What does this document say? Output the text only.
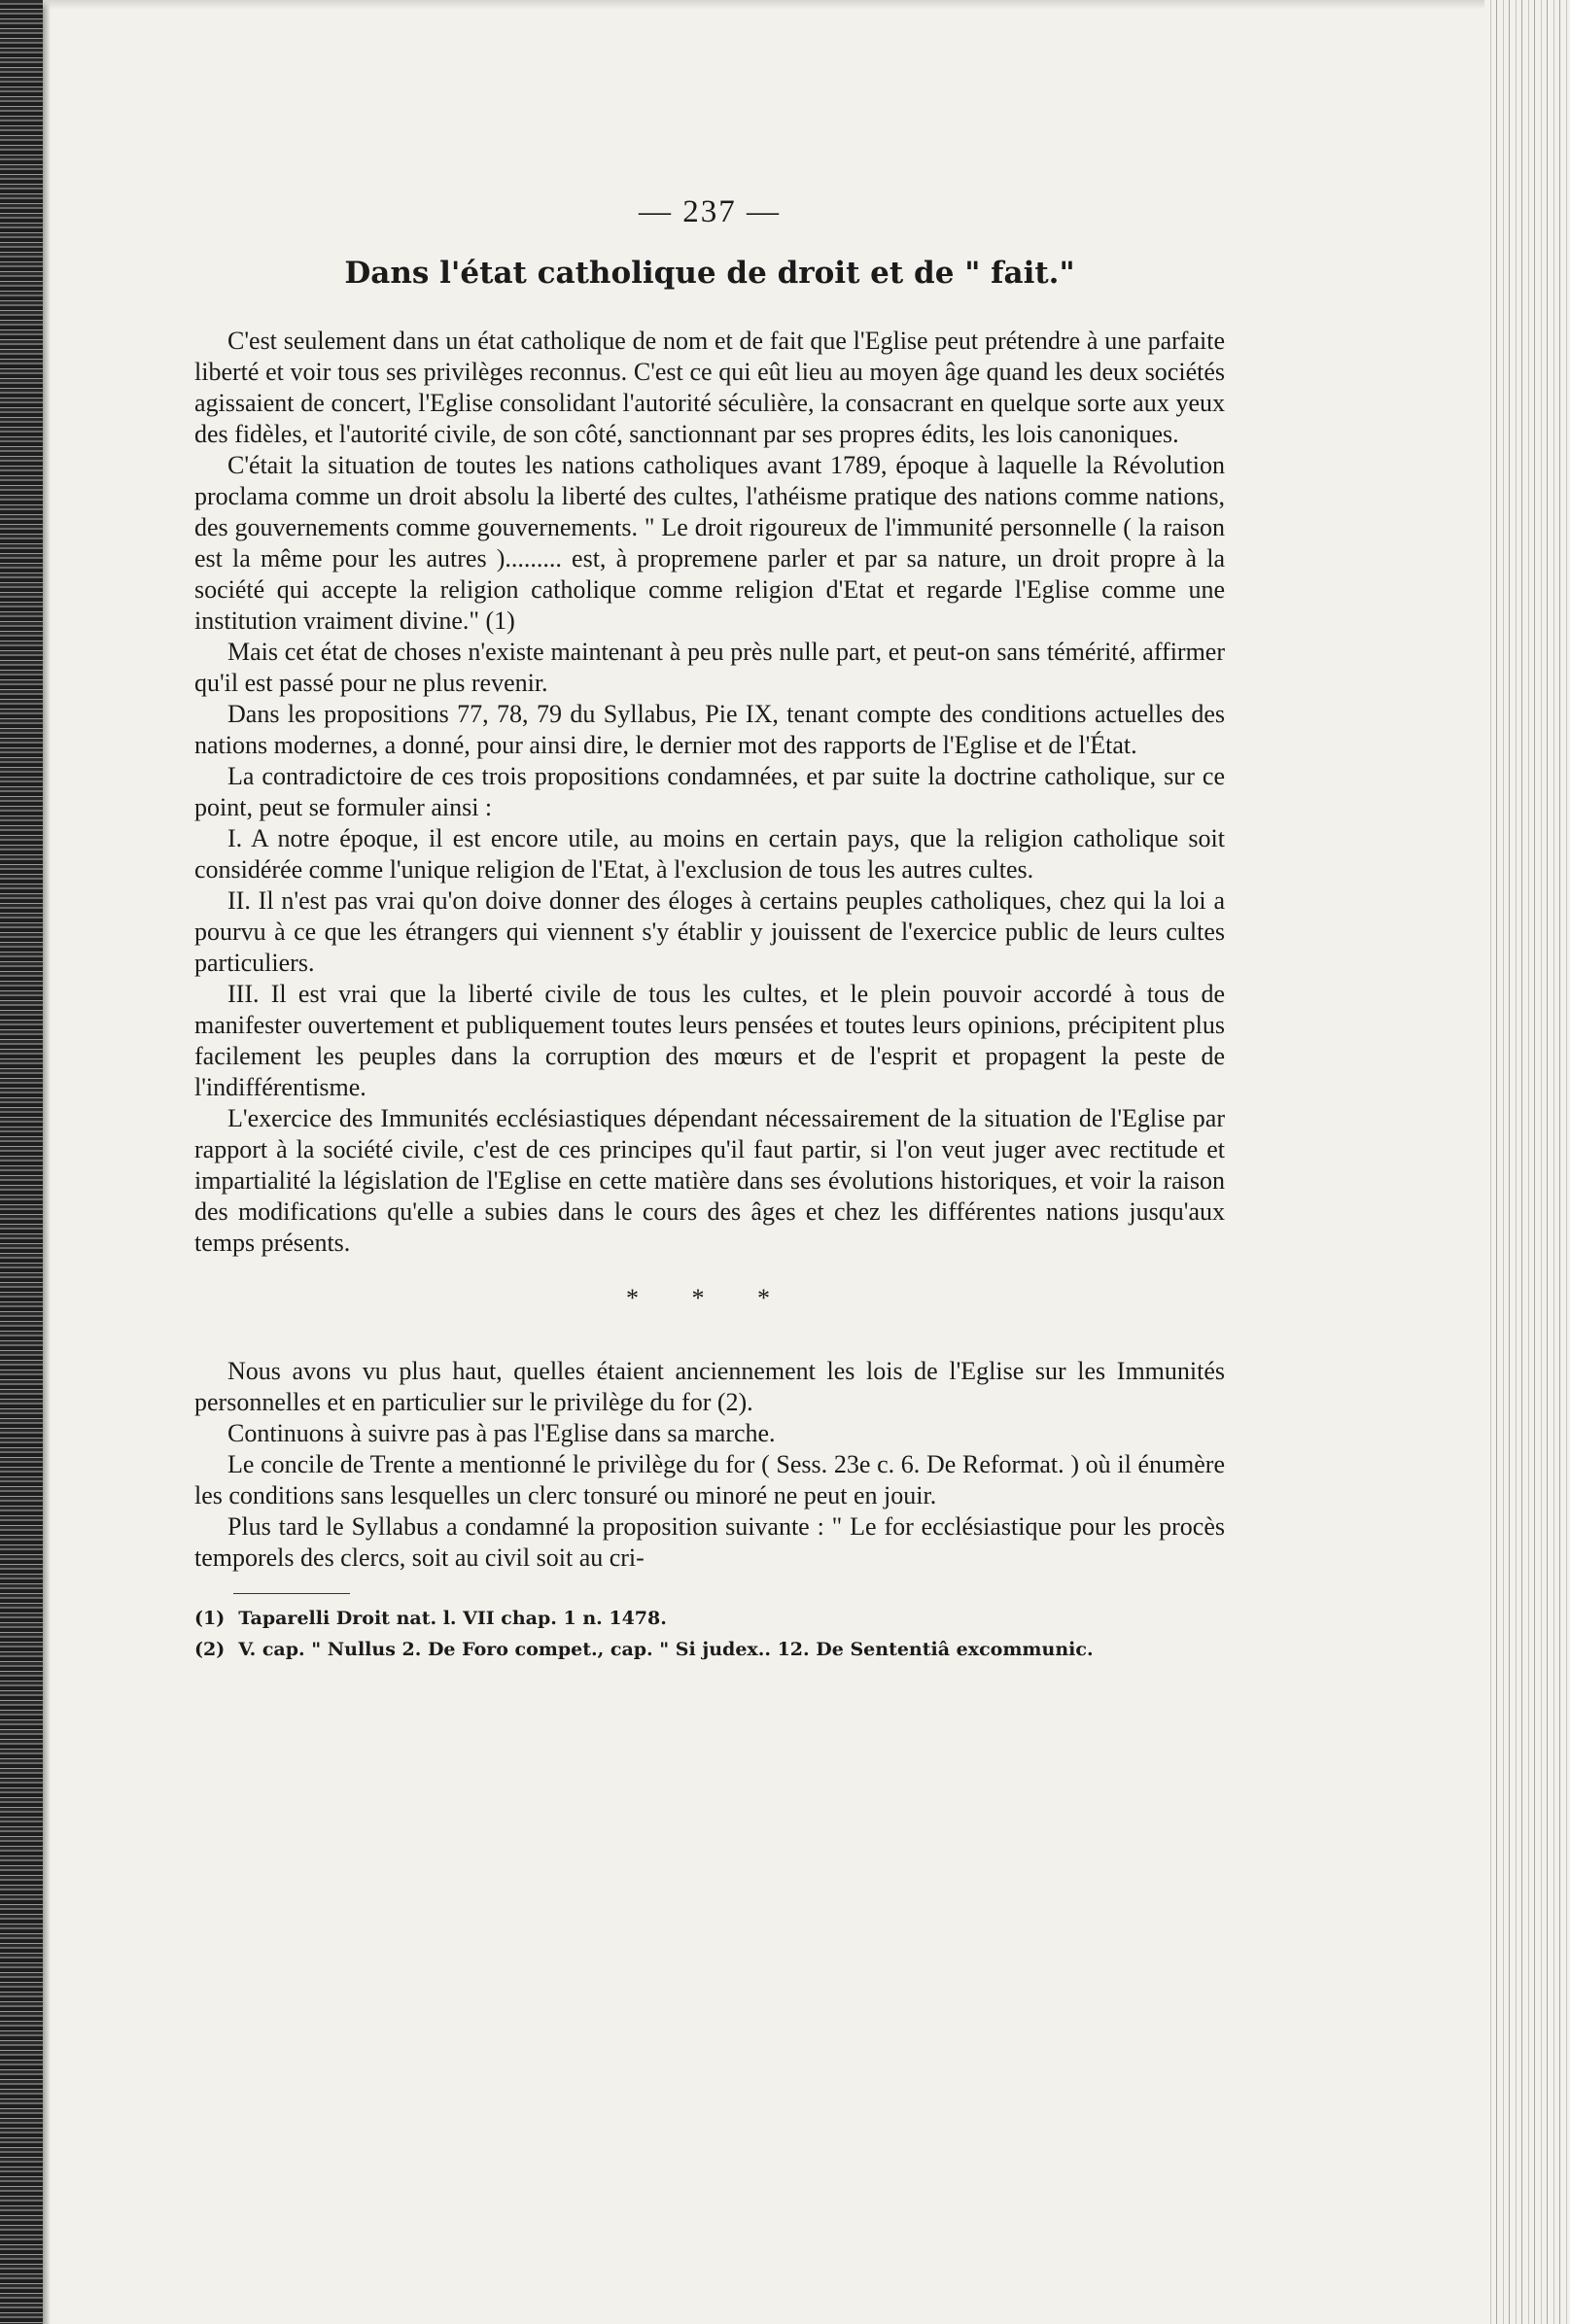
— 237 —
Dans l'état catholique de droit et de " fait."

C'est seulement dans un état catholique de nom et de fait que l'Eglise peut prétendre à une parfaite liberté et voir tous ses privilèges reconnus. C'est ce qui eût lieu au moyen âge quand les deux sociétés agissaient de concert, l'Eglise consolidant l'autorité séculière, la consacrant en quelque sorte aux yeux des fidèles, et l'autorité civile, de son côté, sanctionnant par ses propres édits, les lois canoniques.

C'était la situation de toutes les nations catholiques avant 1789, époque à laquelle la Révolution proclama comme un droit absolu la liberté des cultes, l'athéisme pratique des nations comme nations, des gouvernements comme gouvernements. " Le droit rigoureux de l'immunité personnelle ( la raison est la même pour les autres )......... est, à propremene parler et par sa nature, un droit propre à la société qui accepte la religion catholique comme religion d'Etat et regarde l'Eglise comme une institution vraiment divine." (1)

Mais cet état de choses n'existe maintenant à peu près nulle part, et peut-on sans témérité, affirmer qu'il est passé pour ne plus revenir.

Dans les propositions 77, 78, 79 du Syllabus, Pie IX, tenant compte des conditions actuelles des nations modernes, a donné, pour ainsi dire, le dernier mot des rapports de l'Eglise et de l'État.

La contradictoire de ces trois propositions condamnées, et par suite la doctrine catholique, sur ce point, peut se formuler ainsi :

I. A notre époque, il est encore utile, au moins en certain pays, que la religion catholique soit considérée comme l'unique religion de l'Etat, à l'exclusion de tous les autres cultes.

II. Il n'est pas vrai qu'on doive donner des éloges à certains peuples catholiques, chez qui la loi a pourvu à ce que les étrangers qui viennent s'y établir y jouissent de l'exercice public de leurs cultes particuliers.

III. Il est vrai que la liberté civile de tous les cultes, et le plein pouvoir accordé à tous de manifester ouvertement et publiquement toutes leurs pensées et toutes leurs opinions, précipitent plus facilement les peuples dans la corruption des mœurs et de l'esprit et propagent la peste de l'indifférentisme.

L'exercice des Immunités ecclésiastiques dépendant nécessairement de la situation de l'Eglise par rapport à la société civile, c'est de ces principes qu'il faut partir, si l'on veut juger avec rectitude et impartialité la législation de l'Eglise en cette matière dans ses évolutions historiques, et voir la raison des modifications qu'elle a subies dans le cours des âges et chez les différentes nations jusqu'aux temps présents.

* * *

Nous avons vu plus haut, quelles étaient anciennement les lois de l'Eglise sur les Immunités personnelles et en particulier sur le privilège du for (2).

Continuons à suivre pas à pas l'Eglise dans sa marche.

Le concile de Trente a mentionné le privilège du for ( Sess. 23e c. 6. De Reformat. ) où il énumère les conditions sans lesquelles un clerc tonsuré ou minoré ne peut en jouir.

Plus tard le Syllabus a condamné la proposition suivante : " Le for ecclésiastique pour les procès temporels des clercs, soit au civil soit au cri-

(1) Taparelli Droit nat. l. VII chap. 1 n. 1478.

(2) V. cap. " Nullus 2. De Foro compet., cap. " Si judex.. 12. De Sententiâ excommunic.
